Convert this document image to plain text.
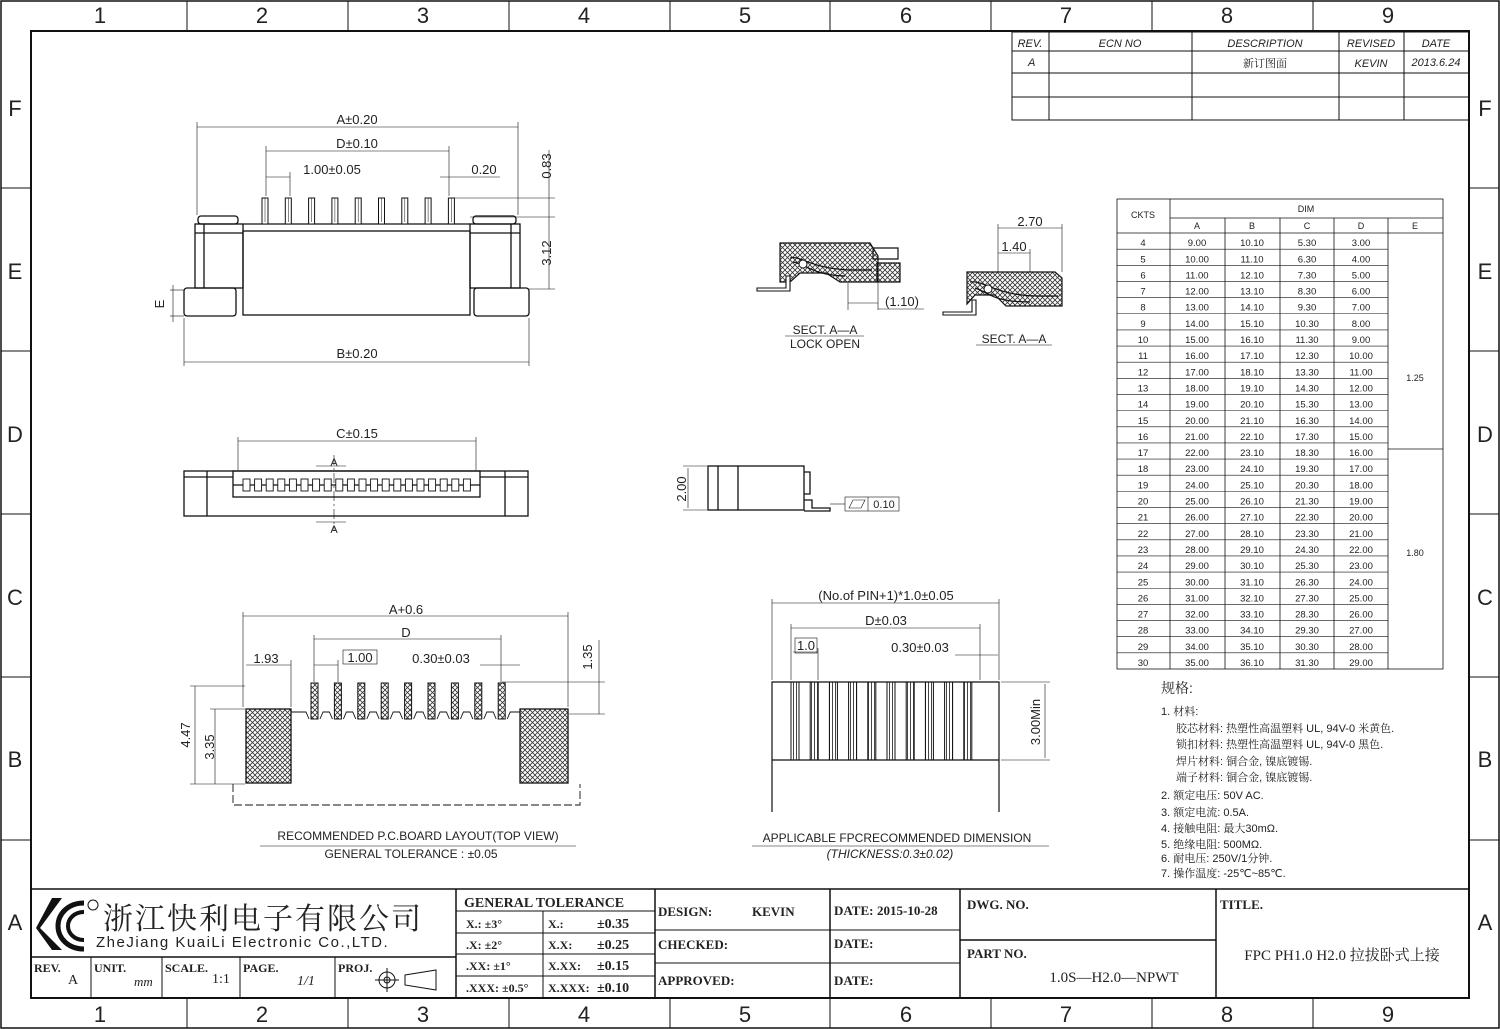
1	2	3	4	5	6	7	8	9
1	2	3	4	5	6	7	8	9
F
E
D
C
B
A
F
E
D
C
B
A
REV.	ECN NO	DESCRIPTION	REVISED DATE
A	新订图面	KEVIN 2013.6.24
CKTS
DIM
A	B	C	D	E
1.25
1.80
4	9.00	10.10	5.30	3.00
5	10.00	11.10	6.30	4.00
6	11.00	12.10	7.30	5.00
7	12.00	13.10	8.30	6.00
8	13.00	14.10	9.30	7.00
9	14.00	15.10	10.30	8.00
10	15.00	16.10	11.30	9.00
11	16.00	17.10	12.30	10.00
12	17.00	18.10	13.30	11.00
13	18.00	19.10	14.30	12.00
14	19.00	20.10	15.30	13.00
15	20.00	21.10	16.30	14.00
16	21.00	22.10	17.30	15.00
17	22.00	23.10	18.30	16.00
18	23.00	24.10	19.30	17.00
19	24.00	25.10	20.30	18.00
20	25.00	26.10	21.30	19.00
21	26.00	27.10	22.30	20.00
22	27.00	28.10	23.30	21.00
23	28.00	29.10	24.30	22.00
24	29.00	30.10	25.30	23.00
25	30.00	31.10	26.30	24.00
26	31.00	32.10	27.30	25.00
27	32.00	33.10	28.30	26.00
28	33.00	34.10	29.30	27.00
29	34.00	35.10	30.30	28.00
30	35.00	36.10	31.30	29.00
规格:
1. 材料:
胶芯材料: 热塑性高温塑料 UL, 94V-0 米黄色.
锁扣材料: 热塑性高温塑料 UL, 94V-0 黑色.
焊片材料: 铜合金, 镍底镀锡.
端子材料: 铜合金, 镍底镀锡.
2. 额定电压: 50V AC.
3. 额定电流: 0.5A.
4. 接触电阻: 最大30mΩ.
5. 绝缘电阻: 500MΩ.
6. 耐电压: 250V/1分钟.
7. 操作温度: -25℃~85℃.
A±0.20
D±0.10
1.00±0.05	0.20	0.83
3.12
E
B±0.20
C±0.15
A
A
(1.10)
SECT. A—A
LOCK OPEN
2.70
1.40
SECT. A—A
2.00
0.10
A+0.6
D
1.93	1.00	0.30±0.03	1.35
4.47 3.35
RECOMMENDED P.C.BOARD LAYOUT(TOP VIEW)
GENERAL TOLERANCE : ±0.05
(No.of PIN+1)*1.0±0.05
D±0.03
1.0	0.30±0.03
3.00Min
APPLICABLE FPCRECOMMENDED DIMENSION
(THICKNESS:0.3±0.02)
浙江快利电子有限公司
ZheJiang KuaiLi Electronic Co.,LTD.
REV.
A
UNIT.
mm
SCALE.
1:1
PAGE.
1/1
PROJ.
GENERAL TOLERANCE
X.: ±3°	X.: ±0.35
.X: ±2°	X.X: ±0.25
.XX: ±1°	X.XX: ±0.15
.XXX: ±0.5° X.XXX: ±0.10
DESIGN:	KEVIN
CHECKED:
APPROVED:
DATE: 2015-10-28
DATE:
DATE:
DWG. NO.
PART NO.
1.0S—H2.0—NPWT
TITLE.
FPC PH1.0 H2.0 拉拔卧式上接
